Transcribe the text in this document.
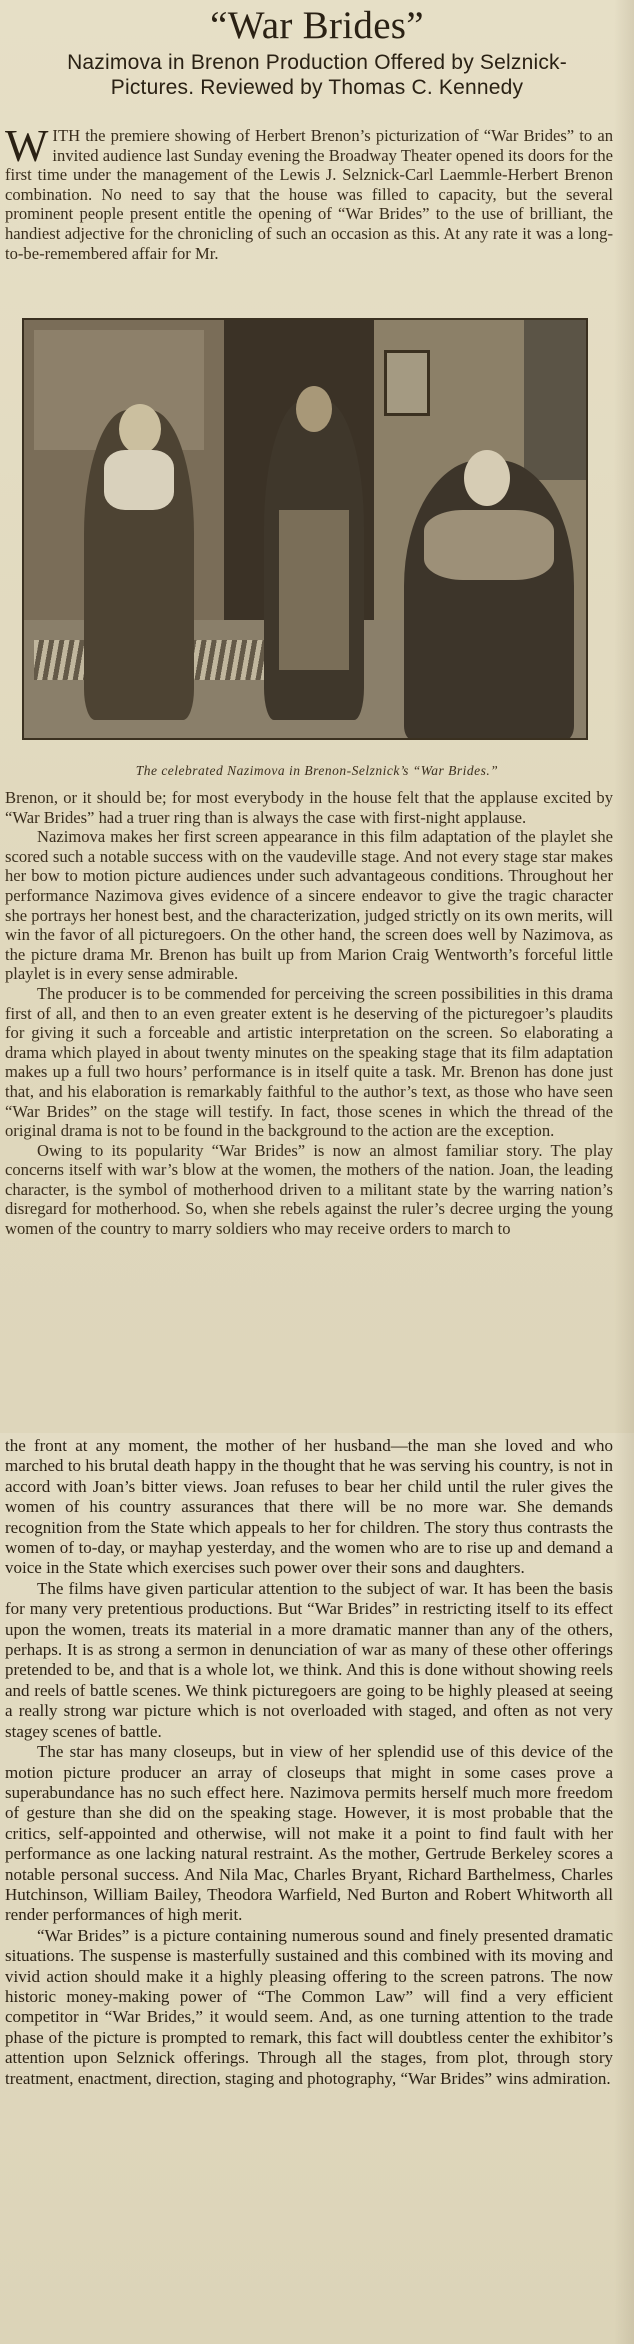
“War Brides”
Nazimova in Brenon Production Offered by Selznick-
Pictures. Reviewed by Thomas C. Kennedy

WITH the premiere showing of Herbert Brenon’s picturization of “War Brides” to an invited audience last Sunday evening the Broadway Theater opened its doors for the first time under the management of the Lewis J. Selznick-Carl Laemmle-Herbert Brenon combination. No need to say that the house was filled to capacity, but the several prominent people present entitle the opening of “War Brides” to the use of brilliant, the handiest adjective for the chronicling of such an occasion as this. At any rate it was a long-to-be-remembered affair for Mr.

The celebrated Nazimova in Brenon-Selznick’s “War Brides.”

Brenon, or it should be; for most everybody in the house felt that the applause excited by “War Brides” had a truer ring than is always the case with first-night applause.

Nazimova makes her first screen appearance in this film adaptation of the playlet she scored such a notable success with on the vaudeville stage. And not every stage star makes her bow to motion picture audiences under such advantageous conditions. Throughout her performance Nazimova gives evidence of a sincere endeavor to give the tragic character she portrays her honest best, and the characterization, judged strictly on its own merits, will win the favor of all picturegoers. On the other hand, the screen does well by Nazimova, as the picture drama Mr. Brenon has built up from Marion Craig Wentworth’s forceful little playlet is in every sense admirable.

The producer is to be commended for perceiving the screen possibilities in this drama first of all, and then to an even greater extent is he deserving of the picturegoer’s plaudits for giving it such a forceable and artistic interpretation on the screen. So elaborating a drama which played in about twenty minutes on the speaking stage that its film adaptation makes up a full two hours’ performance is in itself quite a task. Mr. Brenon has done just that, and his elaboration is remarkably faithful to the author’s text, as those who have seen “War Brides” on the stage will testify. In fact, those scenes in which the thread of the original drama is not to be found in the background to the action are the exception.

Owing to its popularity “War Brides” is now an almost familiar story. The play concerns itself with war’s blow at the women, the mothers of the nation. Joan, the leading character, is the symbol of motherhood driven to a militant state by the warring nation’s disregard for motherhood. So, when she rebels against the ruler’s decree urging the young women of the country to marry soldiers who may receive orders to march to

the front at any moment, the mother of her husband—the man she loved and who marched to his brutal death happy in the thought that he was serving his country, is not in accord with Joan’s bitter views. Joan refuses to bear her child until the ruler gives the women of his country assurances that there will be no more war. She demands recognition from the State which appeals to her for children. The story thus contrasts the women of to-day, or mayhap yesterday, and the women who are to rise up and demand a voice in the State which exercises such power over their sons and daughters.

The films have given particular attention to the subject of war. It has been the basis for many very pretentious productions. But “War Brides” in restricting itself to its effect upon the women, treats its material in a more dramatic manner than any of the others, perhaps. It is as strong a sermon in denunciation of war as many of these other offerings pretended to be, and that is a whole lot, we think. And this is done without showing reels and reels of battle scenes. We think picturegoers are going to be highly pleased at seeing a really strong war picture which is not overloaded with staged, and often as not very stagey scenes of battle.

The star has many closeups, but in view of her splendid use of this device of the motion picture producer an array of closeups that might in some cases prove a superabundance has no such effect here. Nazimova permits herself much more freedom of gesture than she did on the speaking stage. However, it is most probable that the critics, self-appointed and otherwise, will not make it a point to find fault with her performance as one lacking natural restraint. As the mother, Gertrude Berkeley scores a notable personal success. And Nila Mac, Charles Bryant, Richard Barthelmess, Charles Hutchinson, William Bailey, Theodora Warfield, Ned Burton and Robert Whitworth all render performances of high merit.

“War Brides” is a picture containing numerous sound and finely presented dramatic situations. The suspense is masterfully sustained and this combined with its moving and vivid action should make it a highly pleasing offering to the screen patrons. The now historic money-making power of “The Common Law” will find a very efficient competitor in “War Brides,” it would seem. And, as one turning attention to the trade phase of the picture is prompted to remark, this fact will doubtless center the exhibitor’s attention upon Selznick offerings. Through all the stages, from plot, through story treatment, enactment, direction, staging and photography, “War Brides” wins admiration.
